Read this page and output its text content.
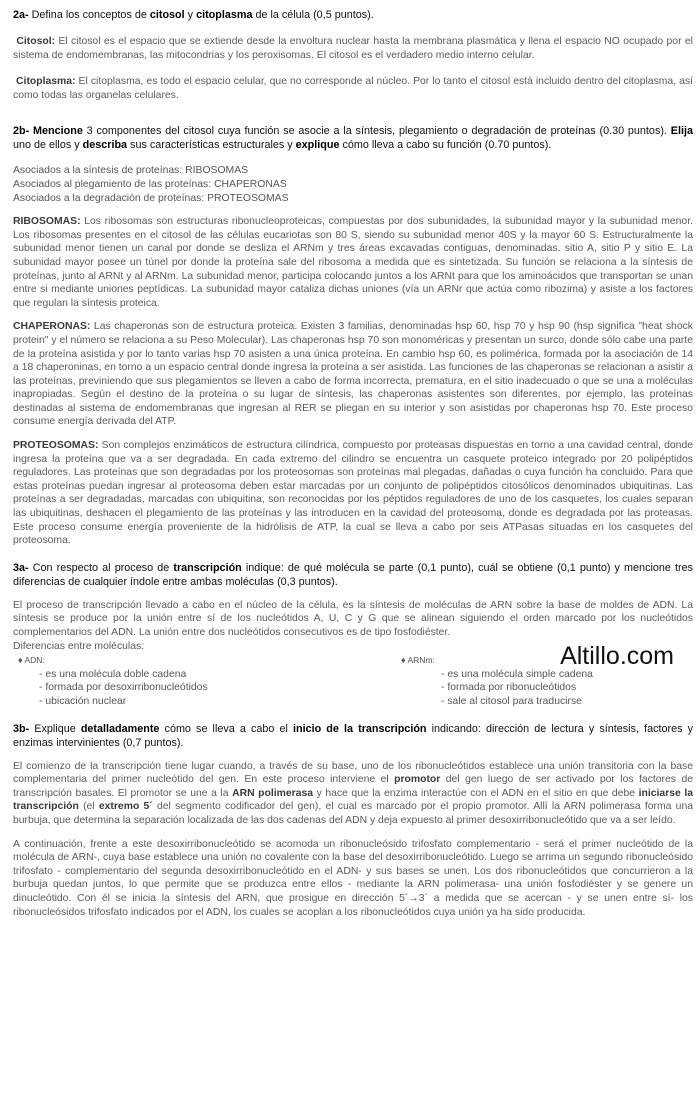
2a- Defina los conceptos de citosol y citoplasma de la célula (0,5 puntos).

Citosol: El citosol es el espacio que se extiende desde la envoltura nuclear hasta la membrana plasmática y llena el espacio NO ocupado por el sistema de endomembranas, las mitocondrias y los peroxisomas. El citosol es el verdadero medio interno celular.

Citoplasma: El citoplasma, es todo el espacio celular, que no corresponde al núcleo. Por lo tanto el citosol está incluido dentro del citoplasma, así como todas las organelas celulares.

2b- Mencione 3 componentes del citosol cuya función se asocie a la síntesis, plegamiento o degradación de proteínas (0.30 puntos). Elija uno de ellos y describa sus características estructurales y explique cómo lleva a cabo su función (0.70 puntos).

Asociados a la síntesis de proteínas: RIBOSOMAS
Asociados al plegamiento de las proteínas: CHAPERONAS
Asociados a la degradación de proteínas: PROTEOSOMAS

RIBOSOMAS: Los ribosomas son estructuras ribonucleoproteicas, compuestas por dos subunidades, la subunidad mayor y la subunidad menor. Los ribosomas presentes en el citosol de las células eucariotas son 80 S, siendo su subunidad menor 40S y la mayor 60 S. Estructuralmente la subunidad menor tienen un canal por donde se desliza el ARNm y tres áreas excavadas contiguas, denominadas. sitio A, sitio P y sitio E. La subunidad mayor posee un túnel por donde la proteína sale del ribosoma a medida que es sintetizada. Su función se relaciona a la síntesis de proteínas, junto al ARNt y al ARNm. La subunidad menor, participa colocando juntos a los ARNt para que los aminoácidos que transportan se unan entre si mediante uniones peptídicas. La subunidad mayor cataliza dichas uniones (vía un ARNr que actúa como ribozima) y asiste a los factores que regulan la síntesis proteica.

CHAPERONAS: Las chaperonas son de estructura proteica. Existen 3 familias, denominadas hsp 60, hsp 70 y hsp 90 (hsp significa "heat shock protein" y el número se relaciona a su Peso Molecular). Las chaperonas hsp 70 son monoméricas y presentan un surco, donde sólo cabe una parte de la proteína asistida y por lo tanto varias hsp 70 asisten a una única proteína. En cambio hsp 60, es polimérica, formada por la asociación de 14 a 18 chaperoninas, en torno a un espacio central donde ingresa la proteína a ser asistida. Las funciones de las chaperonas se relacionan a asistir a las proteínas, previniendo que sus plegamientos se lleven a cabo de forma incorrecta, prematura, en el sitio inadecuado o que se una a moléculas inapropiadas. Según el destino de la proteína o su lugar de síntesis, las chaperonas asistentes son diferentes, por ejemplo, las proteínas destinadas al sistema de endomembranas que ingresan al RER se pliegan en su interior y son asistidas por chaperonas hsp 70. Este proceso consume energía derivada del ATP.

PROTEOSOMAS: Son complejos enzimáticos de estructura cilíndrica, compuesto por proteasas dispuestas en torno a una cavidad central, donde ingresa la proteína que va a ser degradada. En cada extremo del cilindro se encuentra un casquete proteico integrado por 20 polipéptidos reguladores. Las proteínas que son degradadas por los proteosomas son proteínas mal plegadas, dañadas o cuya función ha concluido. Para que estas proteínas puedan ingresar al proteosoma deben estar marcadas por un conjunto de polipéptidos citosólicos denominados ubiquitinas. Las proteínas a ser degradadas, marcadas con ubiquitina, son reconocidas por los péptidos reguladores de uno de los casquetes, los cuales separan las ubiquitinas, deshacen el plegamiento de las proteínas y las introducen en la cavidad del proteosoma, donde es degradada por las proteasas. Este proceso consume energía proveniente de la hidrólisis de ATP, la cual se lleva a cabo por seis ATPasas situadas en los casquetes del proteosoma.

3a- Con respecto al proceso de transcripción indique: de qué molécula se parte (0,1 punto), cuál se obtiene (0,1 punto) y mencione tres diferencias de cualquier índole entre ambas moléculas (0,3 puntos).

El proceso de transcripción llevado a cabo en el núcleo de la célula, es la síntesis de moléculas de ARN sobre la base de moldes de ADN. La síntesis se produce por la unión entre sí de los nucleótidos A, U, C y G que se alinean siguiendo el orden marcado por los nucleótidos complementarios del ADN. La unión entre dos nucleótidos consecutivos es de tipo fosfodiéster.

Diferencias entre moléculas:
♦ ADN:
- es una molécula doble cadena
- formada por desoxirribonucleótidos
- ubicación nuclear
♦ ARNm:
- es una molécula simple cadena
- formada por ribonucleótidos
- sale al citosol para traducirse

3b- Explique detalladamente cómo se lleva a cabo el inicio de la transcripción indicando: dirección de lectura y síntesis, factores y enzimas intervinientes (0,7 puntos).

El comienzo de la transcripción tiene lugar cuando, a través de su base, uno de los ribonucleótidos establece una unión transitoria con la base complementaria del primer nucleótido del gen. En este proceso interviene el promotor del gen luego de ser activado por los factores de transcripción basales. El promotor se une a la ARN polimerasa y hace que la enzima interactúe con el ADN en el sitio en que debe iniciarse la transcripción (el extremo 5´ del segmento codificador del gen), el cual es marcado por el propio promotor. Allí la ARN polimerasa forma una burbuja, que determina la separación localizada de las dos cadenas del ADN y deja expuesto al primer desoxirribonucleótido que va a ser leído.

A continuación, frente a este desoxirribonucleótido se acomoda un ribonucleósido trifosfato complementario - será el primer nucleótido de la molécula de ARN-, cuya base establece una unión no covalente con la base del desoxirribonucleótido. Luego se arrima un segundo ribonucleósido trifosfato - complementario del segunda desoxirribonucleótido en el ADN- y sus bases se unen. Los dos ribonucleótidos que concurrieron a la burbuja quedan juntos, lo que permite que se produzca entre ellos - mediante la ARN polimerasa- una unión fosfodiéster y se genere un dinucleótido. Con él se inicia la síntesis del ARN, que prosigue en dirección 5´→3´ a medida que se acercan - y se unen entre sí- los ribonucleósidos trifosfato indicados por el ADN, los cuales se acoplan a los ribonucleótidos cuya unión ya ha sido producida.

Altillo.com
